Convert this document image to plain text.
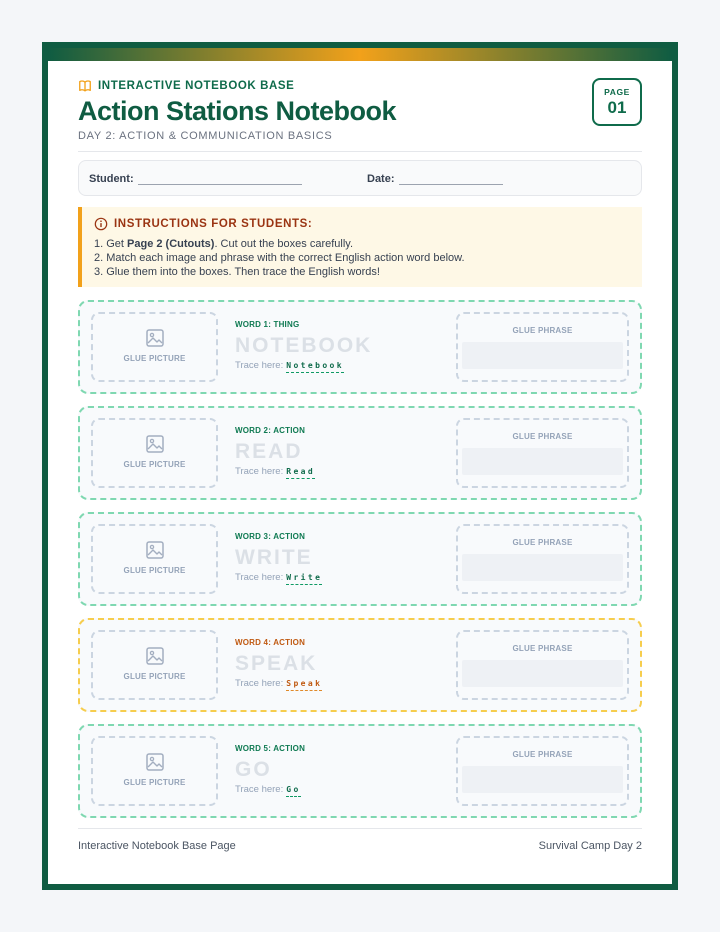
INTERACTIVE NOTEBOOK BASE
Action Stations Notebook
DAY 2: ACTION & COMMUNICATION BASICS
PAGE
01
Student:	Date:
INSTRUCTIONS FOR STUDENTS:
1. Get Page 2 (Cutouts). Cut out the boxes carefully.
2. Match each image and phrase with the correct English action word below.
3. Glue them into the boxes. Then trace the English words!
GLUE PICTURE
WORD 1: THING
NOTEBOOK
Trace here: Notebook
GLUE PHRASE
GLUE PICTURE
WORD 2: ACTION
READ
Trace here: Read
GLUE PHRASE
GLUE PICTURE
WORD 3: ACTION
WRITE
Trace here: Write
GLUE PHRASE
GLUE PICTURE
WORD 4: ACTION
SPEAK
Trace here: Speak
GLUE PHRASE
GLUE PICTURE
WORD 5: ACTION
GO
Trace here: Go
GLUE PHRASE
Interactive Notebook Base Page	Survival Camp Day 2
